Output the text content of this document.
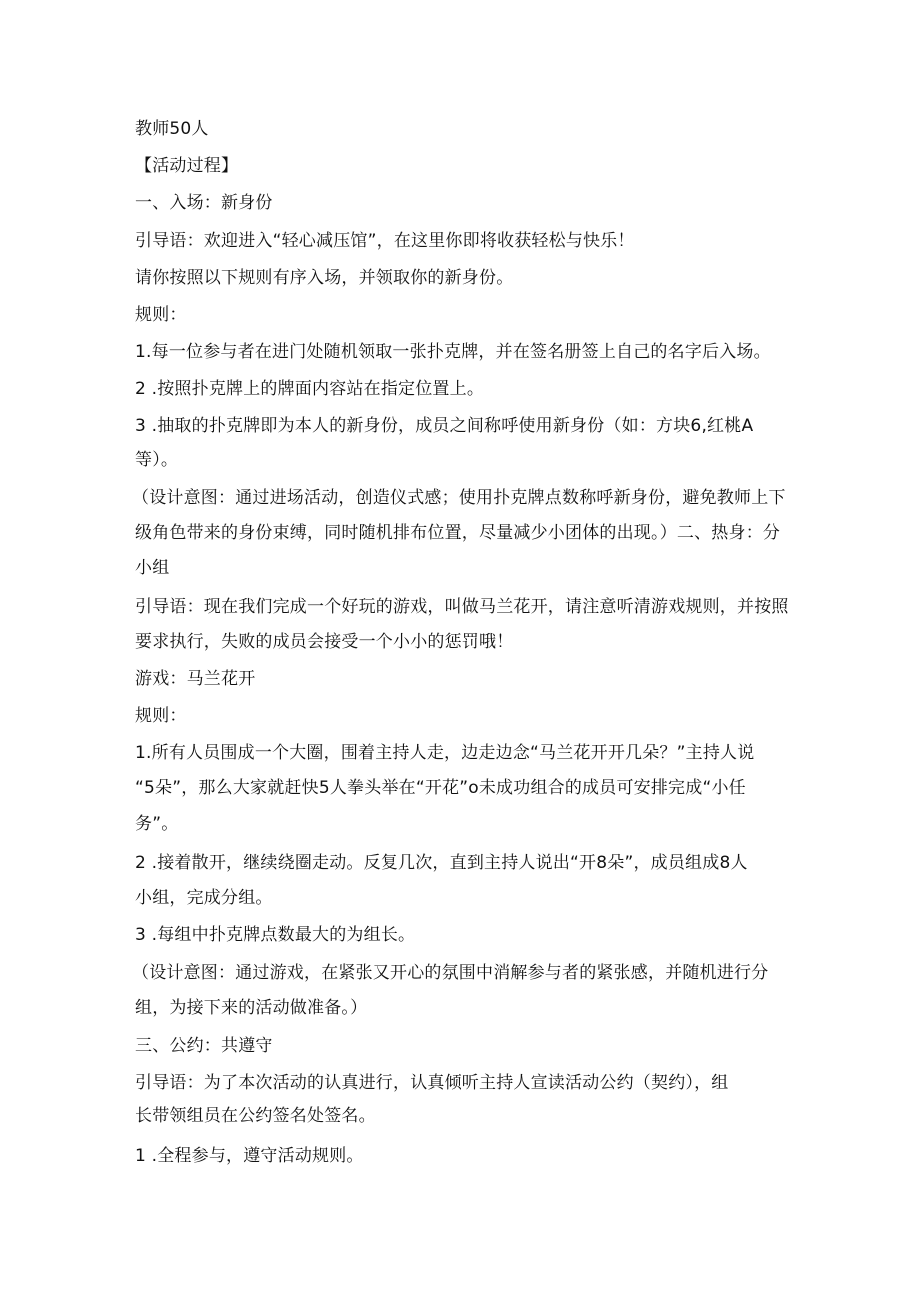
教师50人
【活动过程】
一、入场：新身份
引导语：欢迎进入“轻心减压馆”，在这里你即将收获轻松与快乐！
请你按照以下规则有序入场，并领取你的新身份。
规则：
1.每一位参与者在进门处随机领取一张扑克牌，并在签名册签上自己的名字后入场。
2 .按照扑克牌上的牌面内容站在指定位置上。
3 .抽取的扑克牌即为本人的新身份，成员之间称呼使用新身份（如：方块6,红桃A
等）。
（设计意图：通过进场活动，创造仪式感；使用扑克牌点数称呼新身份，避免教师上下
级角色带来的身份束缚，同时随机排布位置，尽量减少小团体的出现。）二、热身：分
小组
引导语：现在我们完成一个好玩的游戏，叫做马兰花开，请注意听清游戏规则，并按照
要求执行，失败的成员会接受一个小小的惩罚哦！
游戏：马兰花开
规则：
1.所有人员围成一个大圈，围着主持人走，边走边念“马兰花开开几朵？”主持人说
“5朵”，那么大家就赶快5人拳头举在“开花”o未成功组合的成员可安排完成“小任
务”。
2 .接着散开，继续绕圈走动。反复几次，直到主持人说出“开8朵”，成员组成8人
小组，完成分组。
3 .每组中扑克牌点数最大的为组长。
（设计意图：通过游戏，在紧张又开心的氛围中消解参与者的紧张感，并随机进行分
组，为接下来的活动做准备。）
三、公约：共遵守
引导语：为了本次活动的认真进行，认真倾听主持人宣读活动公约（契约），组
长带领组员在公约签名处签名。
1 .全程参与，遵守活动规则。
